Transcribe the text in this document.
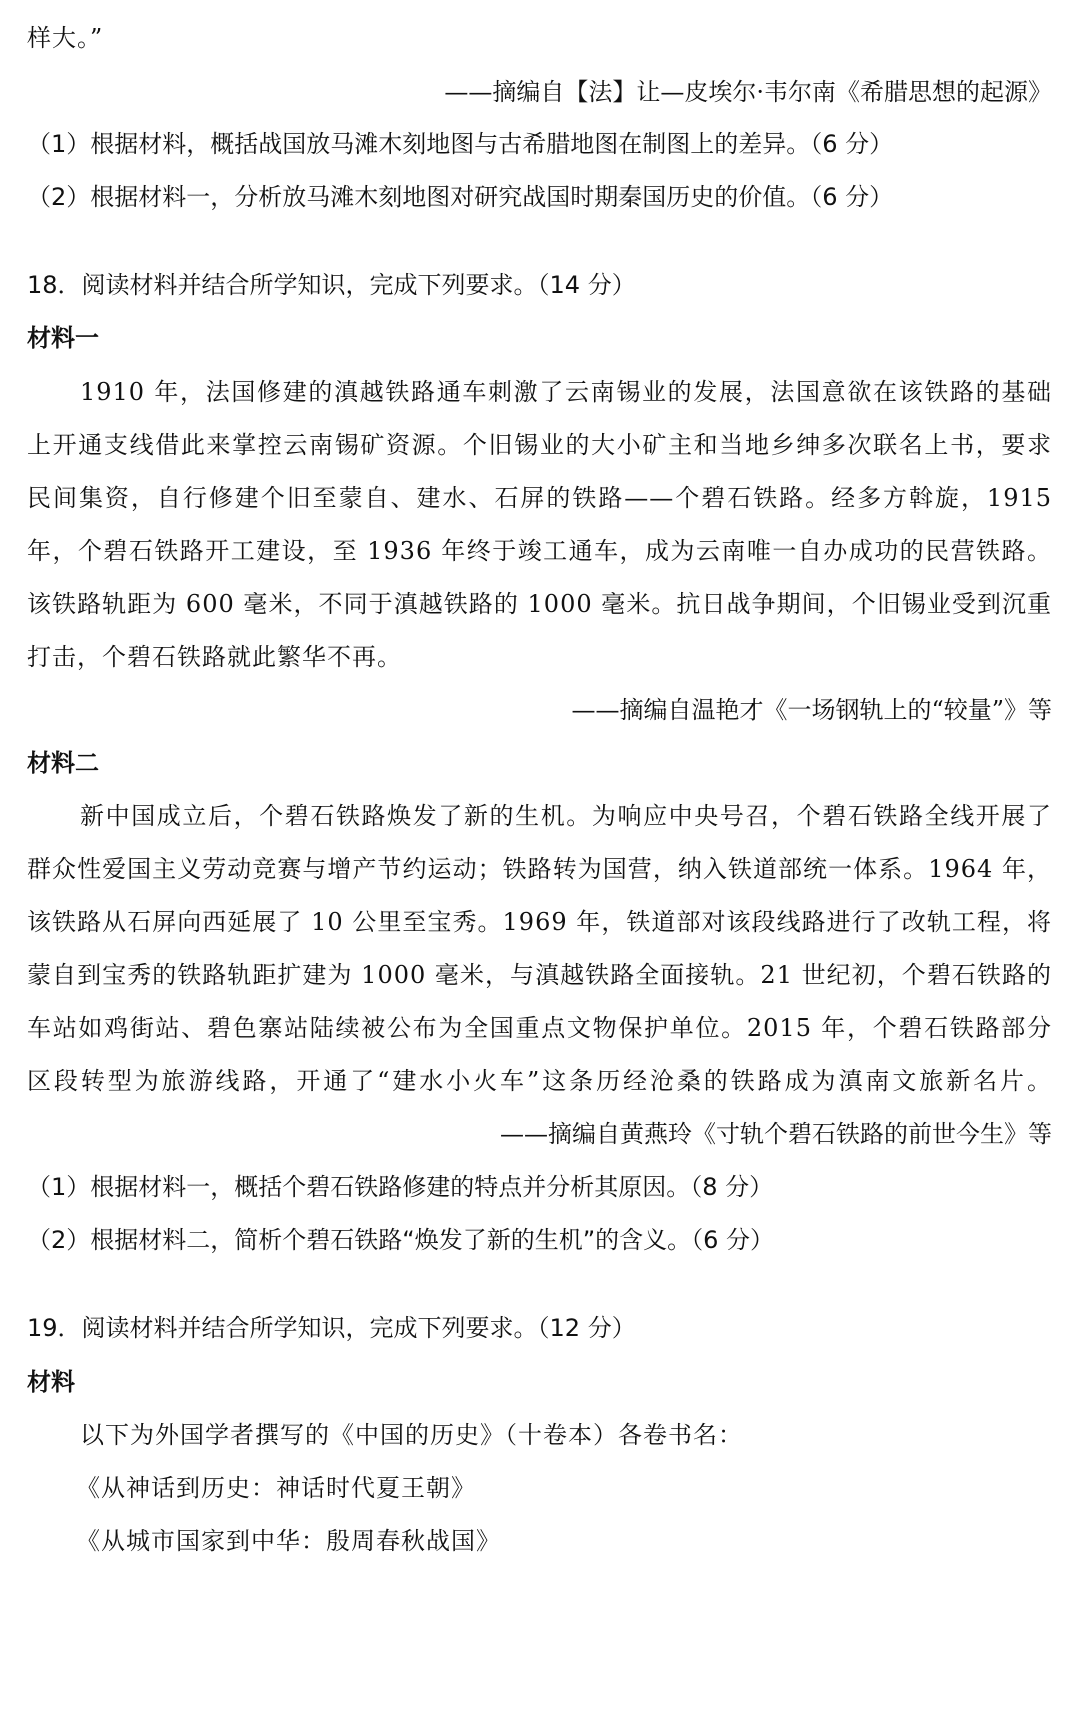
样大。”
——摘编自【法】让—皮埃尔·韦尔南《希腊思想的起源》
（1）根据材料，概括战国放马滩木刻地图与古希腊地图在制图上的差异。（6 分）
（2）根据材料一，分析放马滩木刻地图对研究战国时期秦国历史的价值。（6 分）
18．阅读材料并结合所学知识，完成下列要求。（14 分）
材料一
1910 年，法国修建的滇越铁路通车刺激了云南锡业的发展，法国意欲在该铁路的基础
上开通支线借此来掌控云南锡矿资源。个旧锡业的大小矿主和当地乡绅多次联名上书，要求
民间集资，自行修建个旧至蒙自、建水、石屏的铁路——个碧石铁路。经多方斡旋，1915
年，个碧石铁路开工建设，至 1936 年终于竣工通车，成为云南唯一自办成功的民营铁路。
该铁路轨距为 600 毫米，不同于滇越铁路的 1000 毫米。抗日战争期间，个旧锡业受到沉重
打击，个碧石铁路就此繁华不再。
——摘编自温艳才《一场钢轨上的“较量”》等
材料二
新中国成立后，个碧石铁路焕发了新的生机。为响应中央号召，个碧石铁路全线开展了
群众性爱国主义劳动竞赛与增产节约运动；铁路转为国营，纳入铁道部统一体系。1964 年，
该铁路从石屏向西延展了 10 公里至宝秀。1969 年，铁道部对该段线路进行了改轨工程，将
蒙自到宝秀的铁路轨距扩建为 1000 毫米，与滇越铁路全面接轨。21 世纪初，个碧石铁路的
车站如鸡街站、碧色寨站陆续被公布为全国重点文物保护单位。2015 年，个碧石铁路部分
区段转型为旅游线路，开通了“建水小火车”这条历经沧桑的铁路成为滇南文旅新名片。
——摘编自黄燕玲《寸轨个碧石铁路的前世今生》等
（1）根据材料一，概括个碧石铁路修建的特点并分析其原因。（8 分）
（2）根据材料二，简析个碧石铁路“焕发了新的生机”的含义。（6 分）
19．阅读材料并结合所学知识，完成下列要求。（12 分）
材料
以下为外国学者撰写的《中国的历史》（十卷本）各卷书名：
《从神话到历史：神话时代夏王朝》
《从城市国家到中华：殷周春秋战国》
